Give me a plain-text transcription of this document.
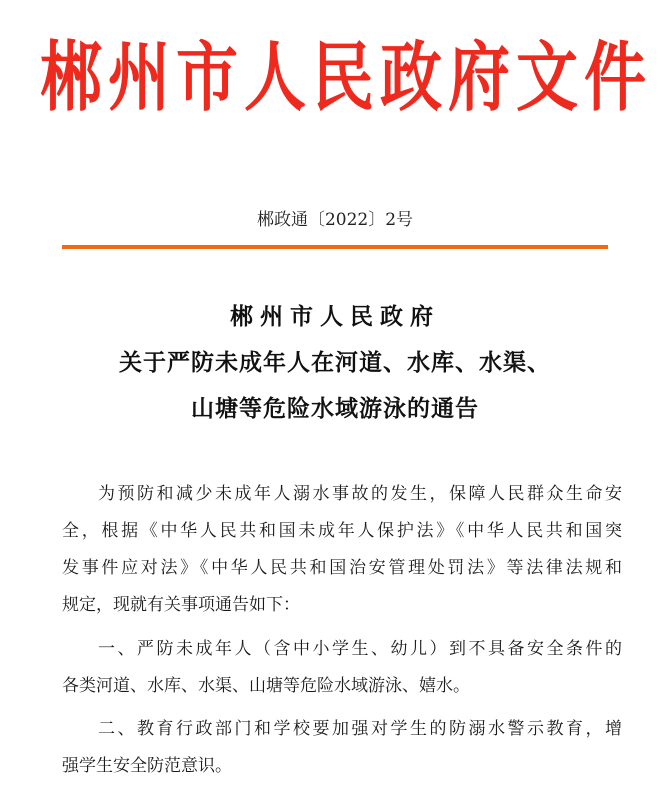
郴州市人民政府文件
郴政通〔2022〕2号
郴州市人民政府
关于严防未成年人在河道、水库、水渠、
山塘等危险水域游泳的通告
为预防和减少未成年人溺水事故的发生，保障人民群众生命安
全，根据《中华人民共和国未成年人保护法》《中华人民共和国突
发事件应对法》《中华人民共和国治安管理处罚法》等法律法规和
规定，现就有关事项通告如下：
一、严防未成年人（含中小学生、幼儿）到不具备安全条件的
各类河道、水库、水渠、山塘等危险水域游泳、嬉水。
二、教育行政部门和学校要加强对学生的防溺水警示教育，增
强学生安全防范意识。
